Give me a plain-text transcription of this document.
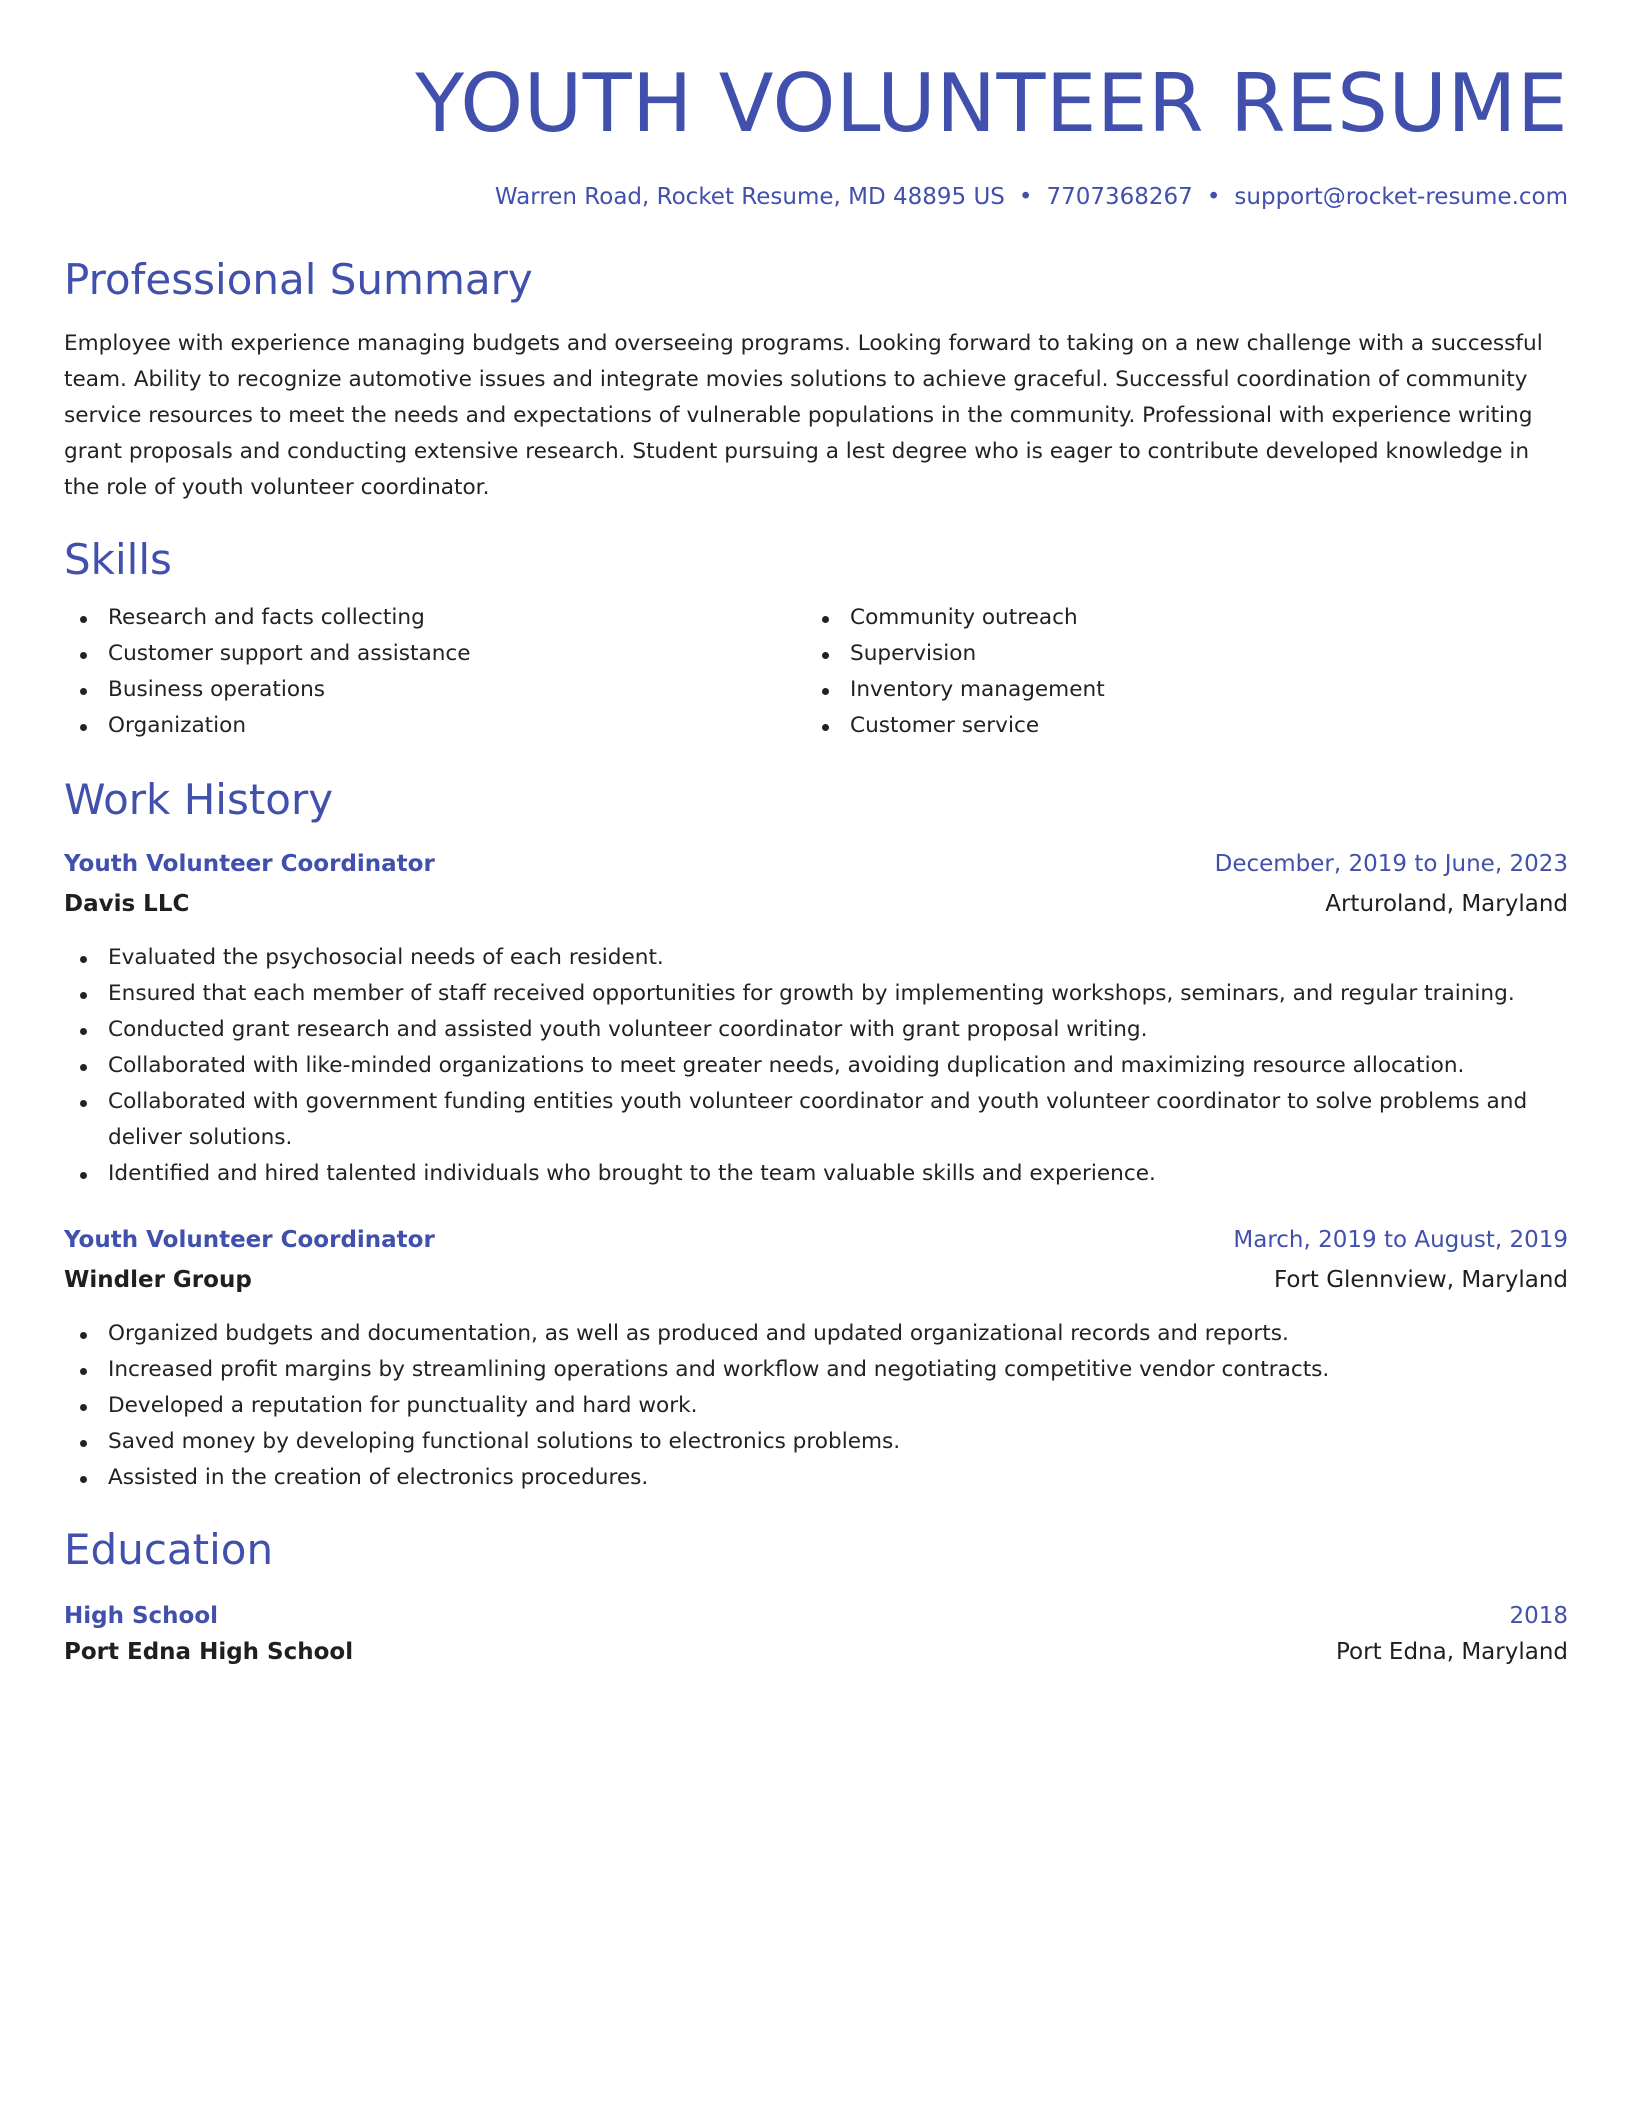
YOUTH VOLUNTEER RESUME
Warren Road, Rocket Resume, MD 48895 US • 7707368267 • support@rocket-resume.com
Professional Summary

Employee with experience managing budgets and overseeing programs. Looking forward to taking on a new challenge with a successful team. Ability to recognize automotive issues and integrate movies solutions to achieve graceful. Successful coordination of community service resources to meet the needs and expectations of vulnerable populations in the community. Professional with experience writing grant proposals and conducting extensive research. Student pursuing a lest degree who is eager to contribute developed knowledge in the role of youth volunteer coordinator.

Skills
Research and facts collecting
Customer support and assistance
Business operations
Organization
Community outreach
Supervision
Inventory management
Customer service
Work History
Youth Volunteer Coordinator	December, 2019 to June, 2023
Davis LLC	Arturoland, Maryland
Evaluated the psychosocial needs of each resident.
Ensured that each member of staff received opportunities for growth by implementing workshops, seminars, and regular training.
Conducted grant research and assisted youth volunteer coordinator with grant proposal writing.
Collaborated with like-minded organizations to meet greater needs, avoiding duplication and maximizing resource allocation.
Collaborated with government funding entities youth volunteer coordinator and youth volunteer coordinator to solve problems and deliver solutions.
Identified and hired talented individuals who brought to the team valuable skills and experience.
Youth Volunteer Coordinator	March, 2019 to August, 2019
Windler Group	Fort Glennview, Maryland
Organized budgets and documentation, as well as produced and updated organizational records and reports.
Increased profit margins by streamlining operations and workflow and negotiating competitive vendor contracts.
Developed a reputation for punctuality and hard work.
Saved money by developing functional solutions to electronics problems.
Assisted in the creation of electronics procedures.
Education
High School	2018
Port Edna High School	Port Edna, Maryland
